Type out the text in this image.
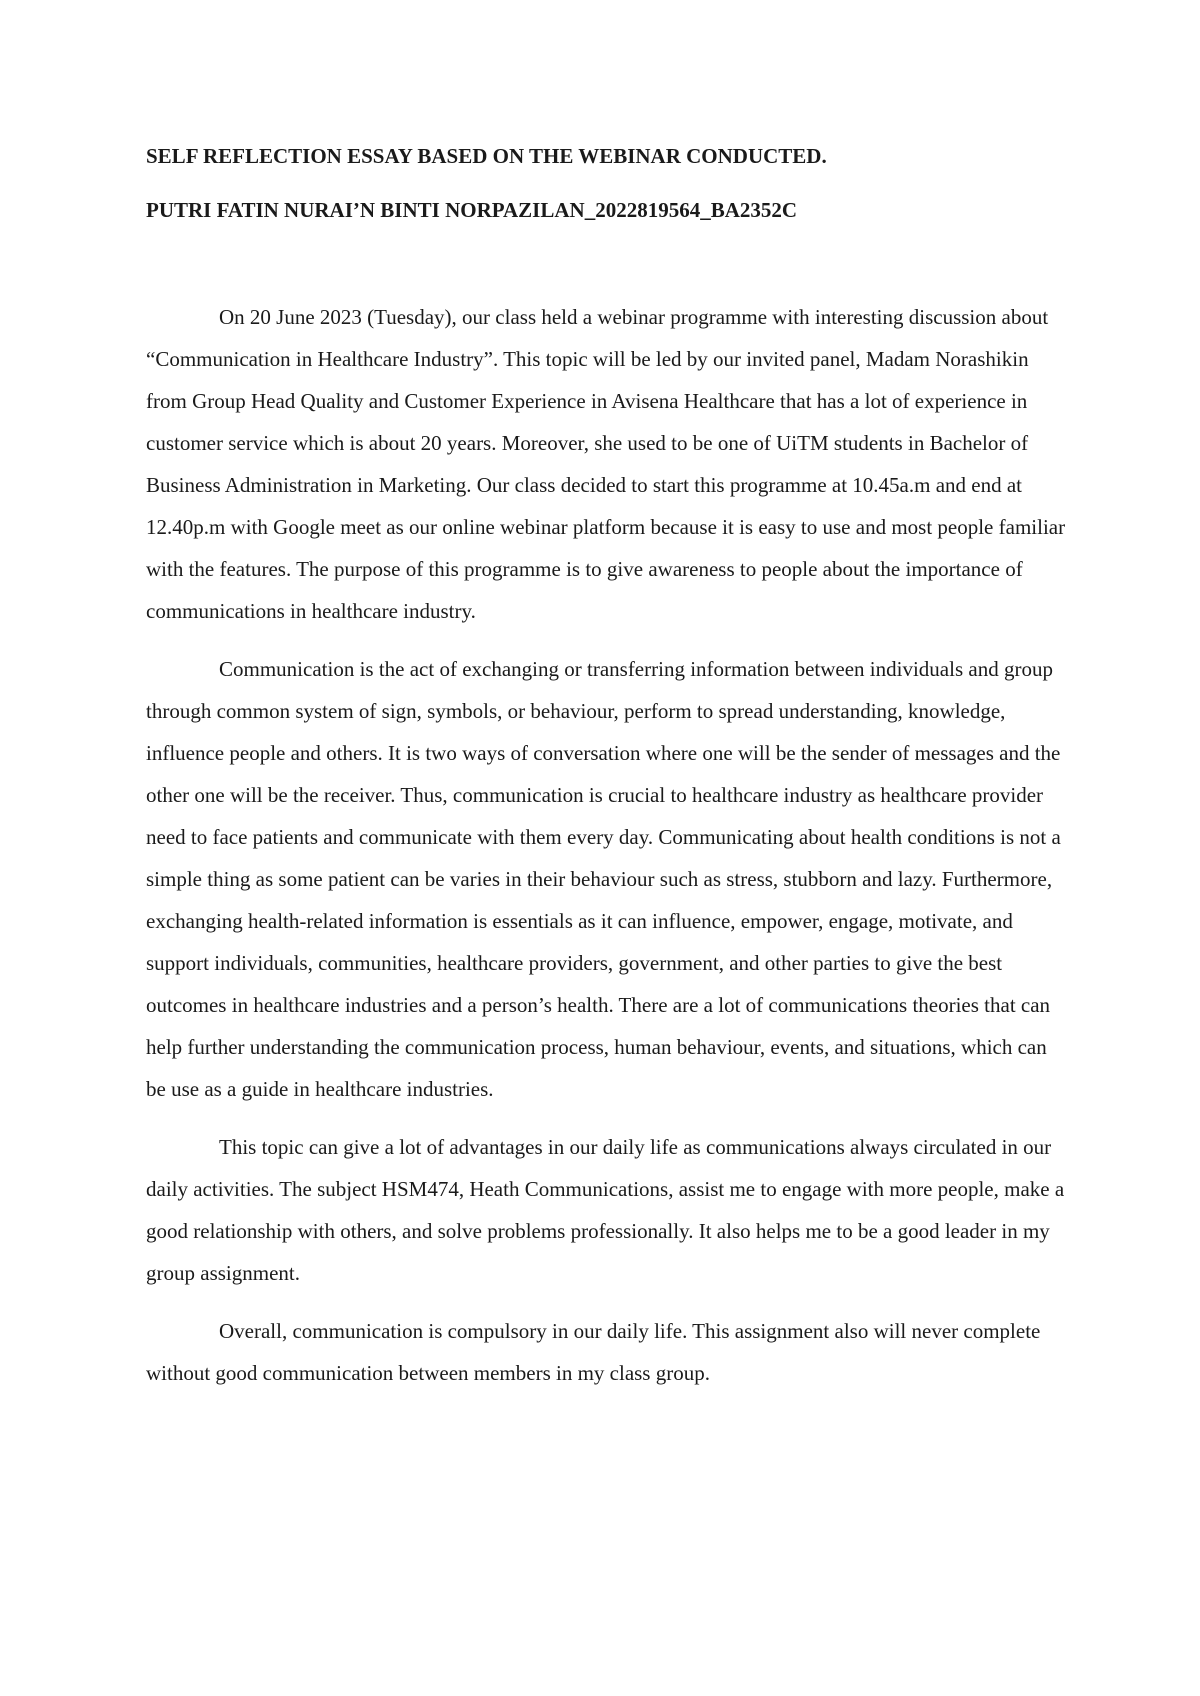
SELF REFLECTION ESSAY BASED ON THE WEBINAR CONDUCTED.

PUTRI FATIN NURAI’N BINTI NORPAZILAN_2022819564_BA2352C

On 20 June 2023 (Tuesday), our class held a webinar programme with interesting discussion about “Communication in Healthcare Industry”. This topic will be led by our invited panel, Madam Norashikin from Group Head Quality and Customer Experience in Avisena Healthcare that has a lot of experience in customer service which is about 20 years. Moreover, she used to be one of UiTM students in Bachelor of Business Administration in Marketing. Our class decided to start this programme at 10.45a.m and end at 12.40p.m with Google meet as our online webinar platform because it is easy to use and most people familiar with the features. The purpose of this programme is to give awareness to people about the importance of communications in healthcare industry.

Communication is the act of exchanging or transferring information between individuals and group through common system of sign, symbols, or behaviour, perform to spread understanding, knowledge, influence people and others. It is two ways of conversation where one will be the sender of messages and the other one will be the receiver. Thus, communication is crucial to healthcare industry as healthcare provider need to face patients and communicate with them every day. Communicating about health conditions is not a simple thing as some patient can be varies in their behaviour such as stress, stubborn and lazy. Furthermore, exchanging health-related information is essentials as it can influence, empower, engage, motivate, and support individuals, communities, healthcare providers, government, and other parties to give the best outcomes in healthcare industries and a person’s health. There are a lot of communications theories that can help further understanding the communication process, human behaviour, events, and situations, which can be use as a guide in healthcare industries.

This topic can give a lot of advantages in our daily life as communications always circulated in our daily activities. The subject HSM474, Heath Communications, assist me to engage with more people, make a good relationship with others, and solve problems professionally. It also helps me to be a good leader in my group assignment.

Overall, communication is compulsory in our daily life. This assignment also will never complete without good communication between members in my class group.
